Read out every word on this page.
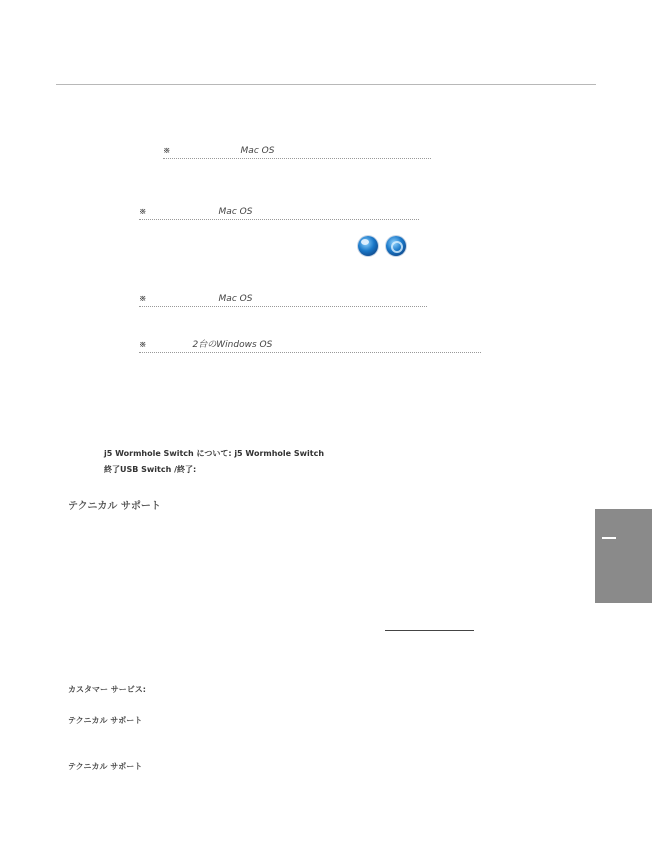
※	Mac OS
※	Mac OS
※	Mac OS
※	2台のWindows OS
j5 Wormhole Switch について: j5 Wormhole Switch
終了USB Switch /終了:
テクニカル サポート
カスタマー サービス:
テクニカル サポート
テクニカル サポート
